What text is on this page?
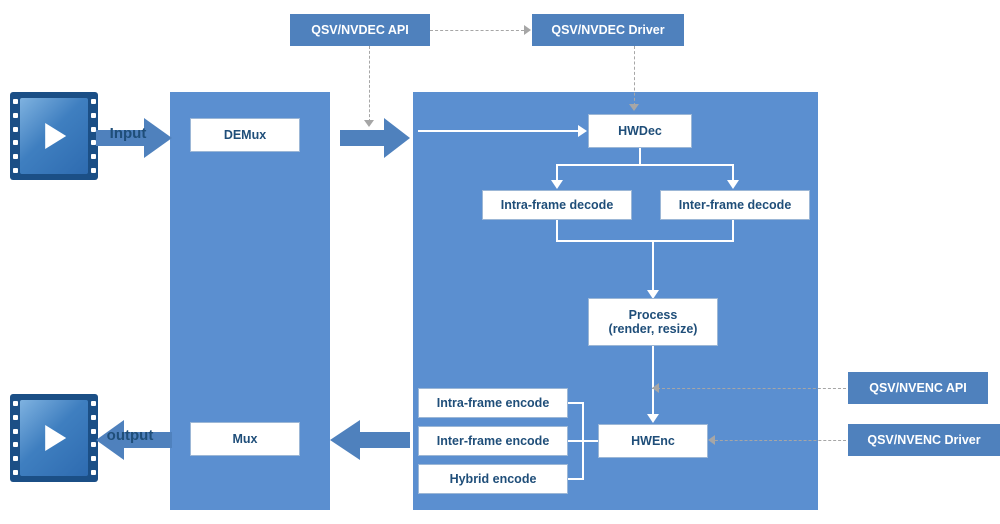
Input
output
QSV/NVDEC API	QSV/NVDEC Driver
DEMux
Mux
HWDec
Intra-frame decode	Inter-frame decode
Process
(render, resize)
HWEnc
Intra-frame encode
Inter-frame encode
Hybrid encode
QSV/NVENC API
QSV/NVENC Driver
